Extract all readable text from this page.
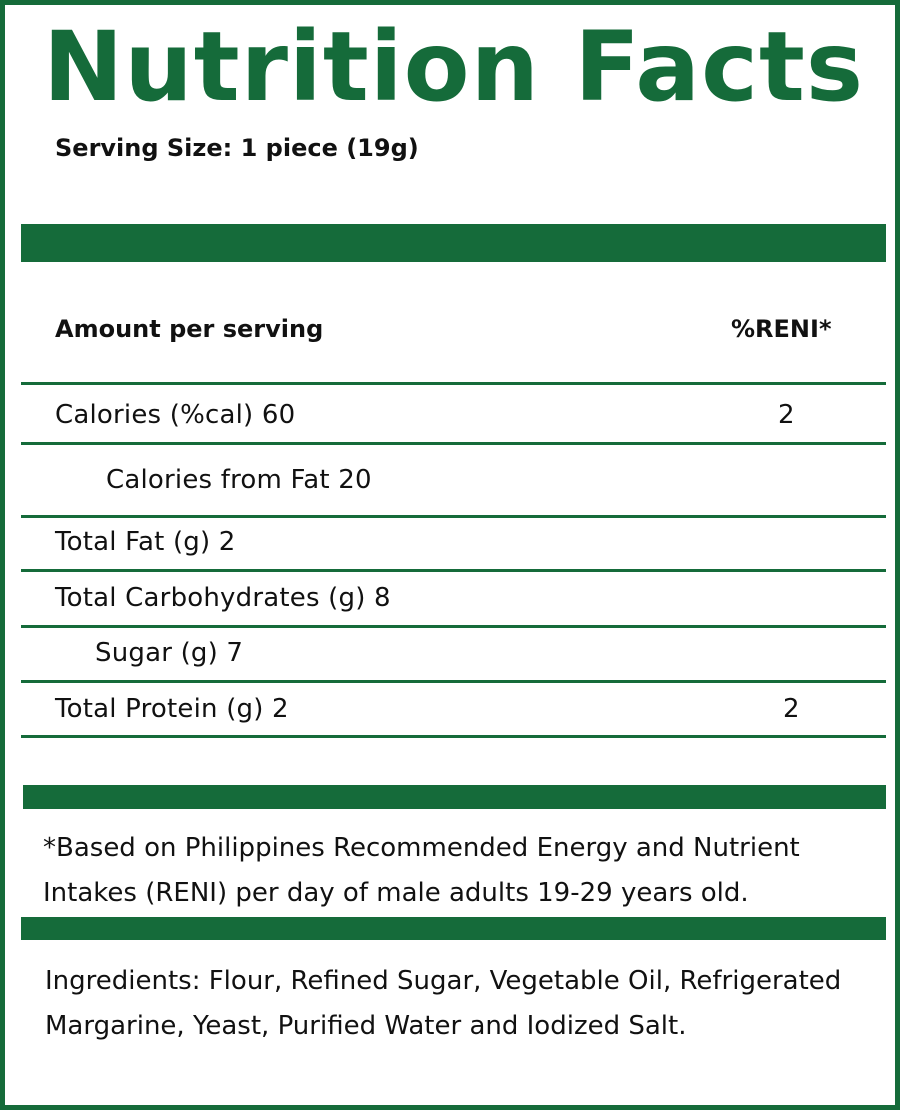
Nutrition Facts
Serving Size: 1 piece (19g)
Amount per serving	%RENI*
Calories (%cal) 60	2
Calories from Fat 20
Total Fat (g) 2
Total Carbohydrates (g) 8
Sugar (g) 7
Total Protein (g) 2	2
*Based on Philippines Recommended Energy and Nutrient Intakes (RENI) per day of male adults 19-29 years old.
Ingredients: Flour, Refined Sugar, Vegetable Oil, Refrigerated Margarine, Yeast, Purified Water and Iodized Salt.
